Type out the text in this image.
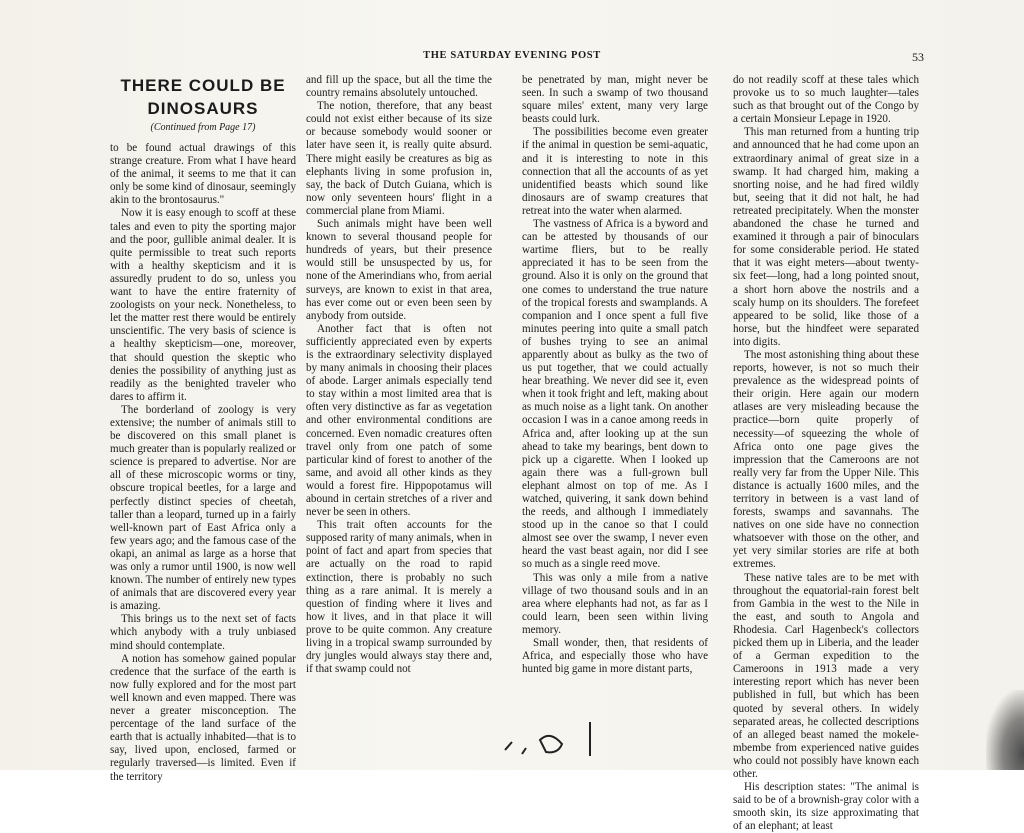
THE SATURDAY EVENING POST	53
THERE COULD BE
DINOSAURS
(Continued from Page 17)

to be found actual drawings of this strange creature. From what I have heard of the animal, it seems to me that it can only be some kind of dinosaur, seemingly akin to the brontosaurus."

Now it is easy enough to scoff at these tales and even to pity the sporting major and the poor, gullible animal dealer. It is quite permissible to treat such reports with a healthy skepticism and it is assuredly prudent to do so, unless you want to have the entire fraternity of zoologists on your neck. Nonetheless, to let the matter rest there would be entirely unscientific. The very basis of science is a healthy skepticism—one, moreover, that should question the skeptic who denies the possibility of anything just as readily as the benighted traveler who dares to affirm it.

The borderland of zoology is very extensive; the number of animals still to be discovered on this small planet is much greater than is popularly realized or science is prepared to advertise. Nor are all of these microscopic worms or tiny, obscure tropical beetles, for a large and perfectly distinct species of cheetah, taller than a leopard, turned up in a fairly well-known part of East Africa only a few years ago; and the famous case of the okapi, an animal as large as a horse that was only a rumor until 1900, is now well known. The number of entirely new types of animals that are discovered every year is amazing.

This brings us to the next set of facts which anybody with a truly unbiased mind should contemplate.

A notion has somehow gained popular credence that the surface of the earth is now fully explored and for the most part well known and even mapped. There was never a greater misconception. The percentage of the land surface of the earth that is actually inhabited—that is to say, lived upon, enclosed, farmed or regularly traversed—is limited. Even if the territory

and fill up the space, but all the time the country remains absolutely untouched.

The notion, therefore, that any beast could not exist either because of its size or because somebody would sooner or later have seen it, is really quite absurd. There might easily be creatures as big as elephants living in some profusion in, say, the back of Dutch Guiana, which is now only seventeen hours' flight in a commercial plane from Miami.

Such animals might have been well known to several thousand people for hundreds of years, but their presence would still be unsuspected by us, for none of the Amerindians who, from aerial surveys, are known to exist in that area, has ever come out or even been seen by anybody from outside.

Another fact that is often not sufficiently appreciated even by experts is the extraordinary selectivity displayed by many animals in choosing their places of abode. Larger animals especially tend to stay within a most limited area that is often very distinctive as far as vegetation and other environmental conditions are concerned. Even nomadic creatures often travel only from one patch of some particular kind of forest to another of the same, and avoid all other kinds as they would a forest fire. Hippopotamus will abound in certain stretches of a river and never be seen in others.

This trait often accounts for the supposed rarity of many animals, when in point of fact and apart from species that are actually on the road to rapid extinction, there is probably no such thing as a rare animal. It is merely a question of finding where it lives and how it lives, and in that place it will prove to be quite common. Any creature living in a tropical swamp surrounded by dry jungles would always stay there and, if that swamp could not

be penetrated by man, might never be seen. In such a swamp of two thousand square miles' extent, many very large beasts could lurk.

The possibilities become even greater if the animal in question be semi-aquatic, and it is interesting to note in this connection that all the accounts of as yet unidentified beasts which sound like dinosaurs are of swamp creatures that retreat into the water when alarmed.

The vastness of Africa is a byword and can be attested by thousands of our wartime fliers, but to be really appreciated it has to be seen from the ground. Also it is only on the ground that one comes to understand the true nature of the tropical forests and swamplands. A companion and I once spent a full five minutes peering into quite a small patch of bushes trying to see an animal apparently about as bulky as the two of us put together, that we could actually hear breathing. We never did see it, even when it took fright and left, making about as much noise as a light tank. On another occasion I was in a canoe among reeds in Africa and, after looking up at the sun ahead to take my bearings, bent down to pick up a cigarette. When I looked up again there was a full-grown bull elephant almost on top of me. As I watched, quivering, it sank down behind the reeds, and although I immediately stood up in the canoe so that I could almost see over the swamp, I never even heard the vast beast again, nor did I see so much as a single reed move.

This was only a mile from a native village of two thousand souls and in an area where elephants had not, as far as I could learn, been seen within living memory.

Small wonder, then, that residents of Africa, and especially those who have hunted big game in more distant parts,

do not readily scoff at these tales which provoke us to so much laughter—tales such as that brought out of the Congo by a certain Monsieur Lepage in 1920.

This man returned from a hunting trip and announced that he had come upon an extraordinary animal of great size in a swamp. It had charged him, making a snorting noise, and he had fired wildly but, seeing that it did not halt, he had retreated precipitately. When the monster abandoned the chase he turned and examined it through a pair of binoculars for some considerable period. He stated that it was eight meters—about twenty-six feet—long, had a long pointed snout, a short horn above the nostrils and a scaly hump on its shoulders. The forefeet appeared to be solid, like those of a horse, but the hindfeet were separated into digits.

The most astonishing thing about these reports, however, is not so much their prevalence as the widespread points of their origin. Here again our modern atlases are very misleading because the practice—born quite properly of necessity—of squeezing the whole of Africa onto one page gives the impression that the Cameroons are not really very far from the Upper Nile. This distance is actually 1600 miles, and the territory in between is a vast land of forests, swamps and savannahs. The natives on one side have no connection whatsoever with those on the other, and yet very similar stories are rife at both extremes.

These native tales are to be met with throughout the equatorial-rain forest belt from Gambia in the west to the Nile in the east, and south to Angola and Rhodesia. Carl Hagenbeck's collectors picked them up in Liberia, and the leader of a German expedition to the Cameroons in 1913 made a very interesting report which has never been published in full, but which has been quoted by several others. In widely separated areas, he collected descriptions of an alleged beast named the mokele-mbembe from experienced native guides who could not possibly have known each other.

His description states: "The animal is said to be of a brownish-gray color with a smooth skin, its size approximating that of an elephant; at least
